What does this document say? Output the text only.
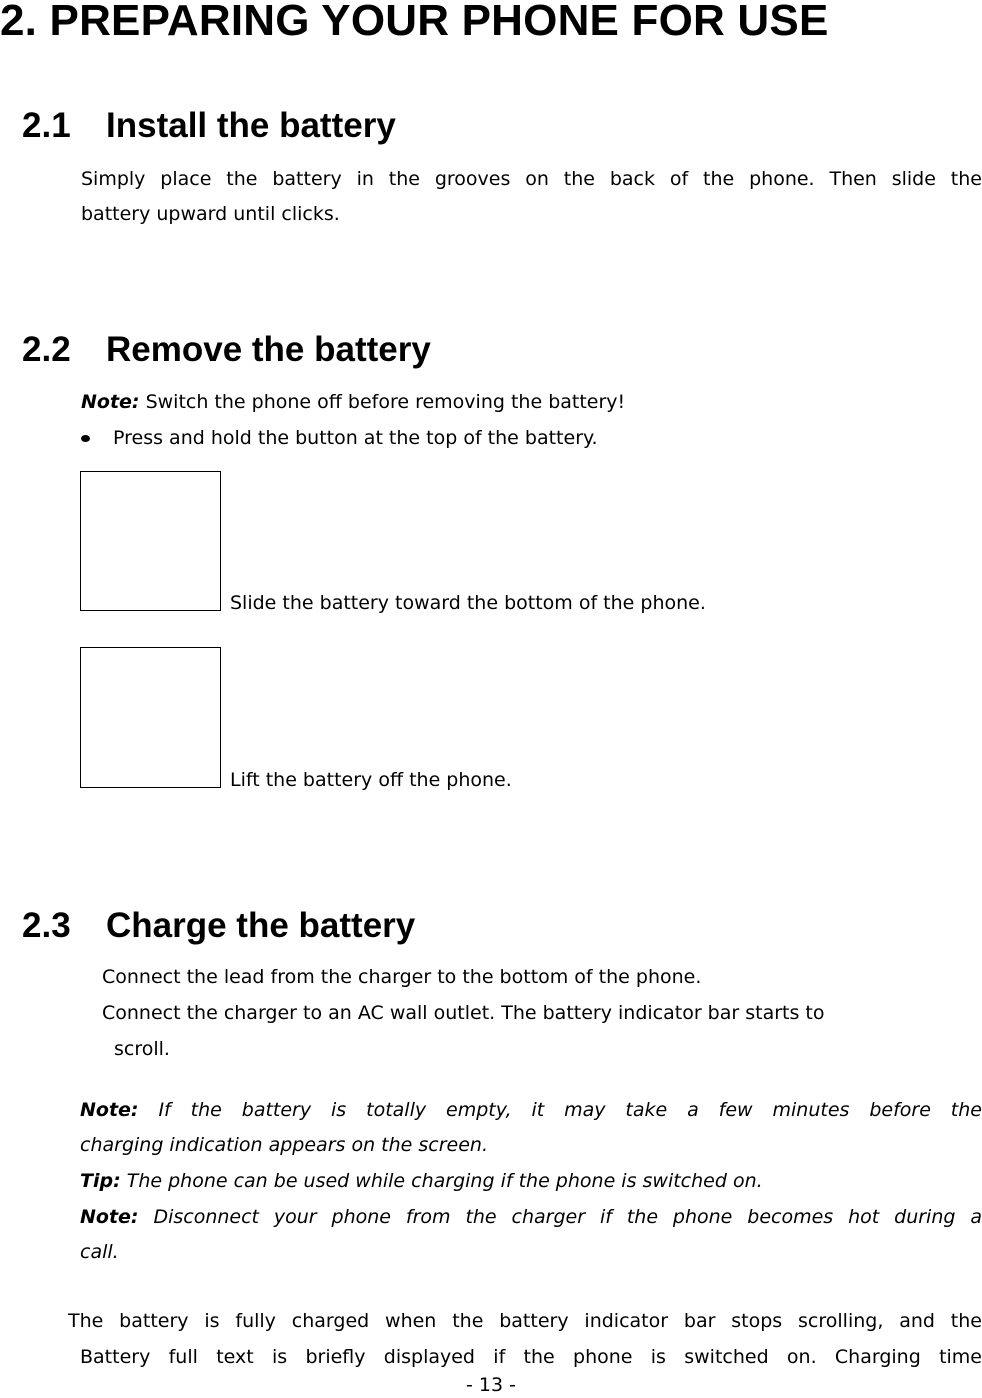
2. PREPARING YOUR PHONE FOR USE
2.1 Install the battery
Simply place the battery in the grooves on the back of the phone. Then slide the
battery upward until clicks.
2.2 Remove the battery
Note: Switch the phone off before removing the battery!
Press and hold the button at the top of the battery.
Slide the battery toward the bottom of the phone.
Lift the battery off the phone.
2.3 Charge the battery
Connect the lead from the charger to the bottom of the phone.
Connect the charger to an AC wall outlet. The battery indicator bar starts to
scroll.
Note: If the battery is totally empty, it may take a few minutes before the
charging indication appears on the screen.
Tip: The phone can be used while charging if the phone is switched on.
Note: Disconnect your phone from the charger if the phone becomes hot during a
call.
The battery is fully charged when the battery indicator bar stops scrolling, and the
Battery full text is briefly displayed if the phone is switched on. Charging time
- 13 -
